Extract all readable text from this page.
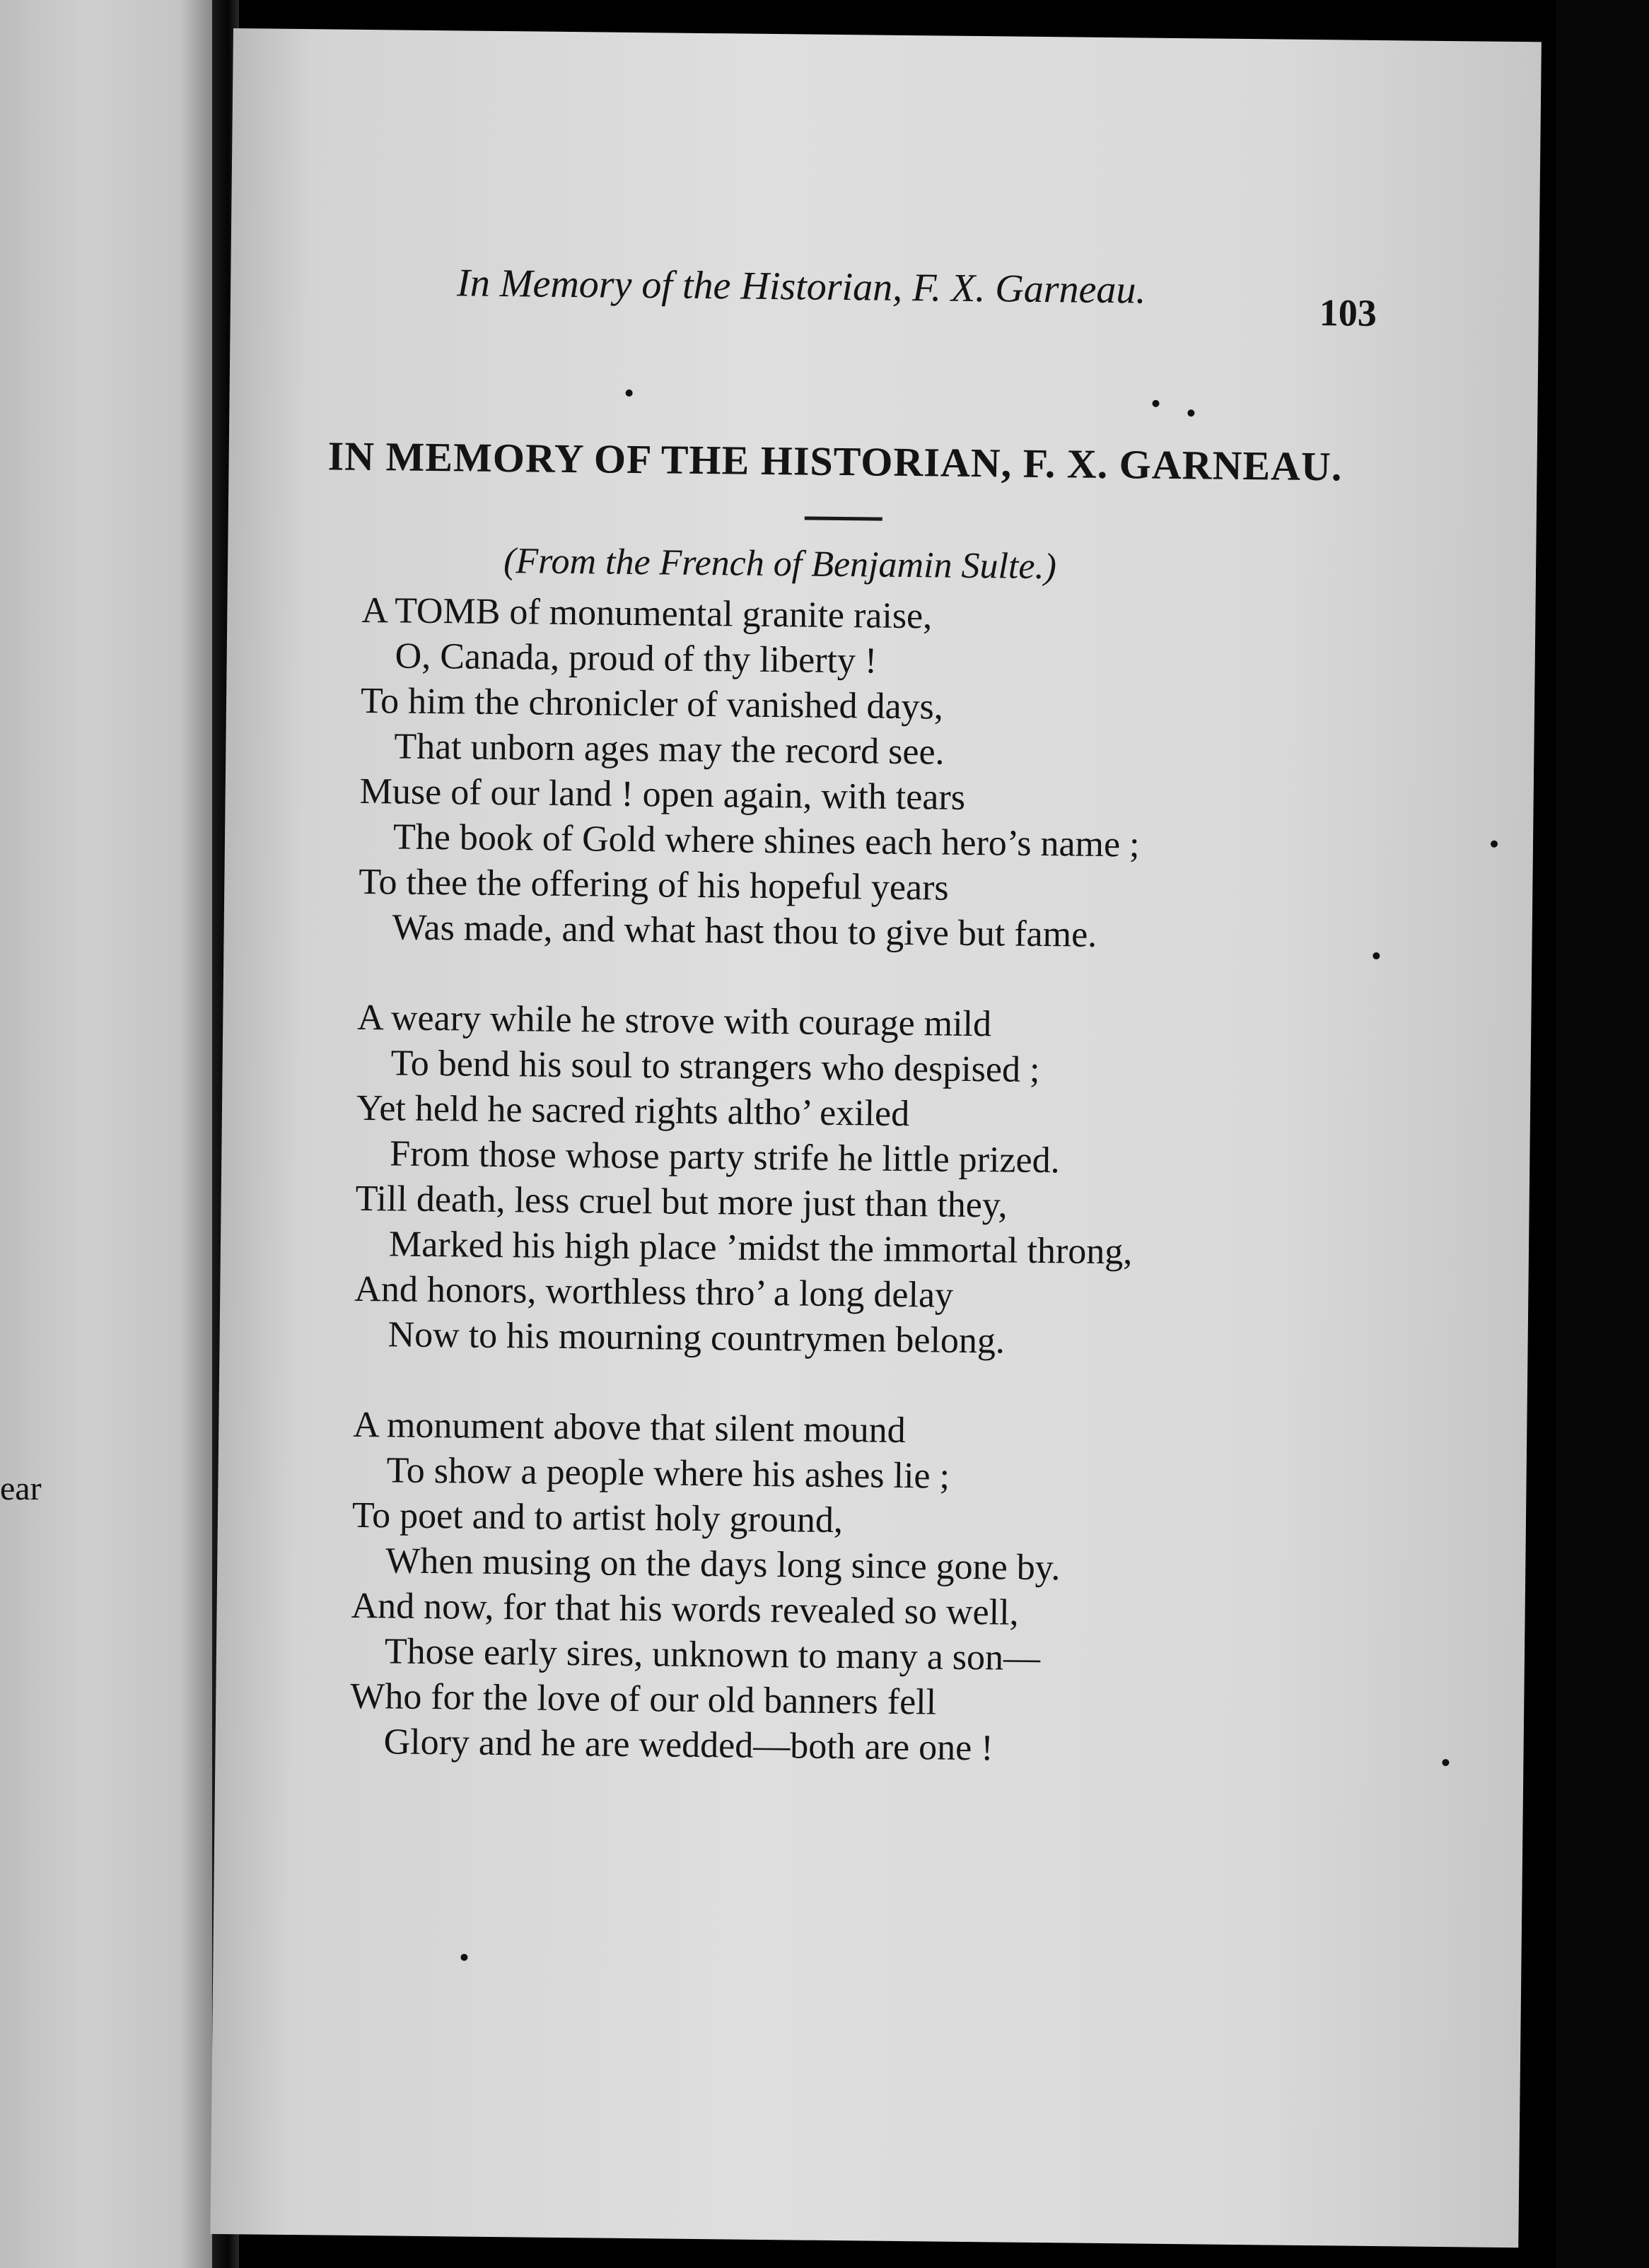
ear
In Memory of the Historian, F. X. Garneau.
103
IN MEMORY OF THE HISTORIAN, F. X. GARNEAU.
(From the French of Benjamin Sulte.)
A TOMB of monumental granite raise,
O, Canada, proud of thy liberty !
To him the chronicler of vanished days,
That unborn ages may the record see.
Muse of our land ! open again, with tears
The book of Gold where shines each hero’s name ;
To thee the offering of his hopeful years
Was made, and what hast thou to give but fame.
A weary while he strove with courage mild
To bend his soul to strangers who despised ;
Yet held he sacred rights altho’ exiled
From those whose party strife he little prized.
Till death, less cruel but more just than they,
Marked his high place ’midst the immortal throng,
And honors, worthless thro’ a long delay
Now to his mourning countrymen belong.
A monument above that silent mound
To show a people where his ashes lie ;
To poet and to artist holy ground,
When musing on the days long since gone by.
And now, for that his words revealed so well,
Those early sires, unknown to many a son—
Who for the love of our old banners fell
Glory and he are wedded—both are one !
